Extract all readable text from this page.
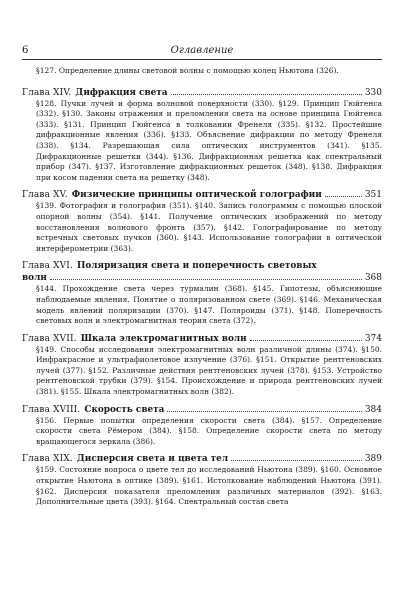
6	Оглавление
§127. Определение длины световой волны с помощью колец Ньютона (326).
Глава XIV. Дифракция света	330
§128. Пучки лучей и форма волновой поверхности (330). §129. Принцип Гюйгенса (332). §130. Законы отражения и преломления света на основе принципа Гюйгенса (333). §131. Принцип Гюйгенса в толковании Френеля (335). §132. Простейшие дифракционные явления (336). §133. Объяснение дифракции по методу Френеля (338). §134. Разрешающая сила оптических инструментов (341). §135. Дифракционные решетки (344). §136. Дифракционная решетка как спектральный прибор (347). §137. Изготовление дифракционных решеток (348). §138. Дифракция при косом падении света на решетку (348).
Глава XV. Физические принципы оптической голографии	351
§139. Фотография и голография (351). §140. Запись голограммы с помощью плоской опорной волны (354). §141. Получение оптических изображений по методу восстановления волнового фронта (357). §142. Голографирование по методу встречных световых пучков (360). §143. Использование голографии в оптической интерферометрии (363).
Глава XVI. Поляризация света и поперечность световых
волн	368
§144. Прохождение света через турмалин (368). §145. Гипотезы, объясняющие наблюдаемые явления. Понятие о поляризованном свете (369). §146. Механическая модель явлений поляризации (370). §147. Поляроиды (371). §148. Поперечность световых волн и электромагнитная теория света (372).
Глава XVII. Шкала электромагнитных волн	374
§149. Способы исследования электромагнитных волн различной длины (374). §150. Инфракрасное и ультрафиолетовое излучение (376). §151. Открытие рентгеновских лучей (377). §152. Различные действия рентгеновских лучей (378). §153. Устройство рентгеновской трубки (379). §154. Происхождение и природа рентгеновских лучей (381). §155. Шкала электромагнитных волн (382).
Глава XVIII. Скорость света	384
§156. Первые попытки определения скорости света (384). §157. Определение скорости света Рёмером (384). §158. Определение скорости света по методу вращающегося зеркала (386).
Глава XIX. Дисперсия света и цвета тел	389
§159. Состояние вопроса о цвете тел до исследований Ньютона (389). §160. Основное открытие Ньютона в оптике (389). §161. Истолкование наблюдений Ньютона (391). §162. Дисперсия показателя преломления различных материалов (392). §163. Дополнительные цвета (393). §164. Спектральный состав света
